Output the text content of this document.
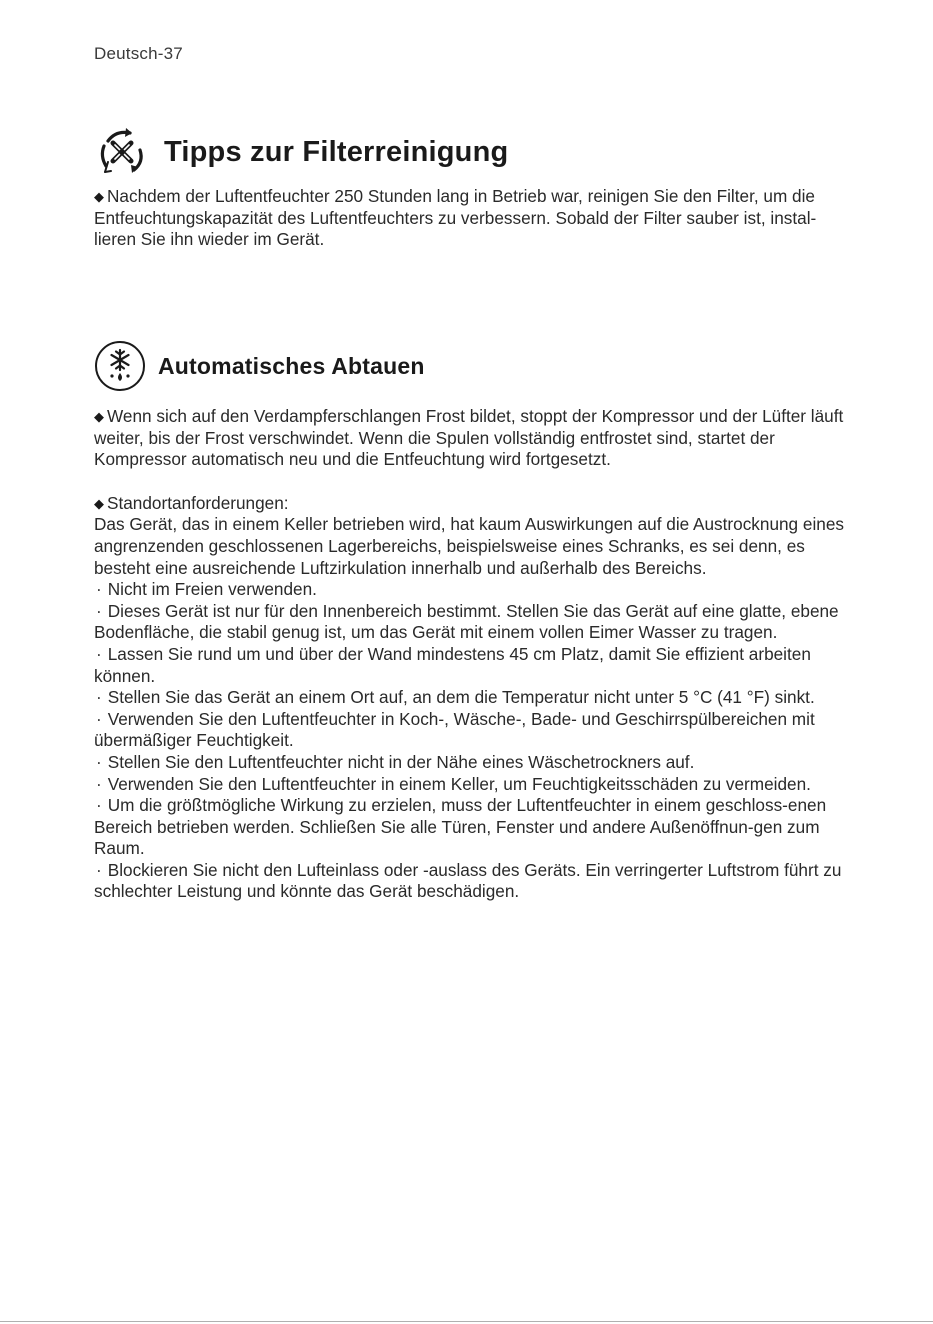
Deutsch-37
Tipps zur Filterreinigung

◆ Nachdem der Luftentfeuchter 250 Stunden lang in Betrieb war, reinigen Sie den Filter, um die Entfeuchtungskapazität des Luftentfeuchters zu verbessern. Sobald der Filter sauber ist, instal-lieren Sie ihn wieder im Gerät.

Automatisches Abtauen

◆ Wenn sich auf den Verdampferschlangen Frost bildet, stoppt der Kompressor und der Lüfter läuft weiter, bis der Frost verschwindet. Wenn die Spulen vollständig entfrostet sind, startet der Kompressor automatisch neu und die Entfeuchtung wird fortgesetzt.

◆ Standortanforderungen:

Das Gerät, das in einem Keller betrieben wird, hat kaum Auswirkungen auf die Austrocknung eines angrenzenden geschlossenen Lagerbereichs, beispielsweise eines Schranks, es sei denn, es besteht eine ausreichende Luftzirkulation innerhalb und außerhalb des Bereichs.

· Nicht im Freien verwenden.

· Dieses Gerät ist nur für den Innenbereich bestimmt. Stellen Sie das Gerät auf eine glatte, ebene Bodenfläche, die stabil genug ist, um das Gerät mit einem vollen Eimer Wasser zu tragen.

· Lassen Sie rund um und über der Wand mindestens 45 cm Platz, damit Sie effizient arbeiten können.

· Stellen Sie das Gerät an einem Ort auf, an dem die Temperatur nicht unter 5 °C (41 °F) sinkt.

· Verwenden Sie den Luftentfeuchter in Koch-, Wäsche-, Bade- und Geschirrspülbereichen mit übermäßiger Feuchtigkeit.

· Stellen Sie den Luftentfeuchter nicht in der Nähe eines Wäschetrockners auf.

· Verwenden Sie den Luftentfeuchter in einem Keller, um Feuchtigkeitsschäden zu vermeiden.

· Um die größtmögliche Wirkung zu erzielen, muss der Luftentfeuchter in einem geschloss-enen Bereich betrieben werden. Schließen Sie alle Türen, Fenster und andere Außenöffnun-gen zum Raum.

· Blockieren Sie nicht den Lufteinlass oder -auslass des Geräts. Ein verringerter Luftstrom führt zu schlechter Leistung und könnte das Gerät beschädigen.
